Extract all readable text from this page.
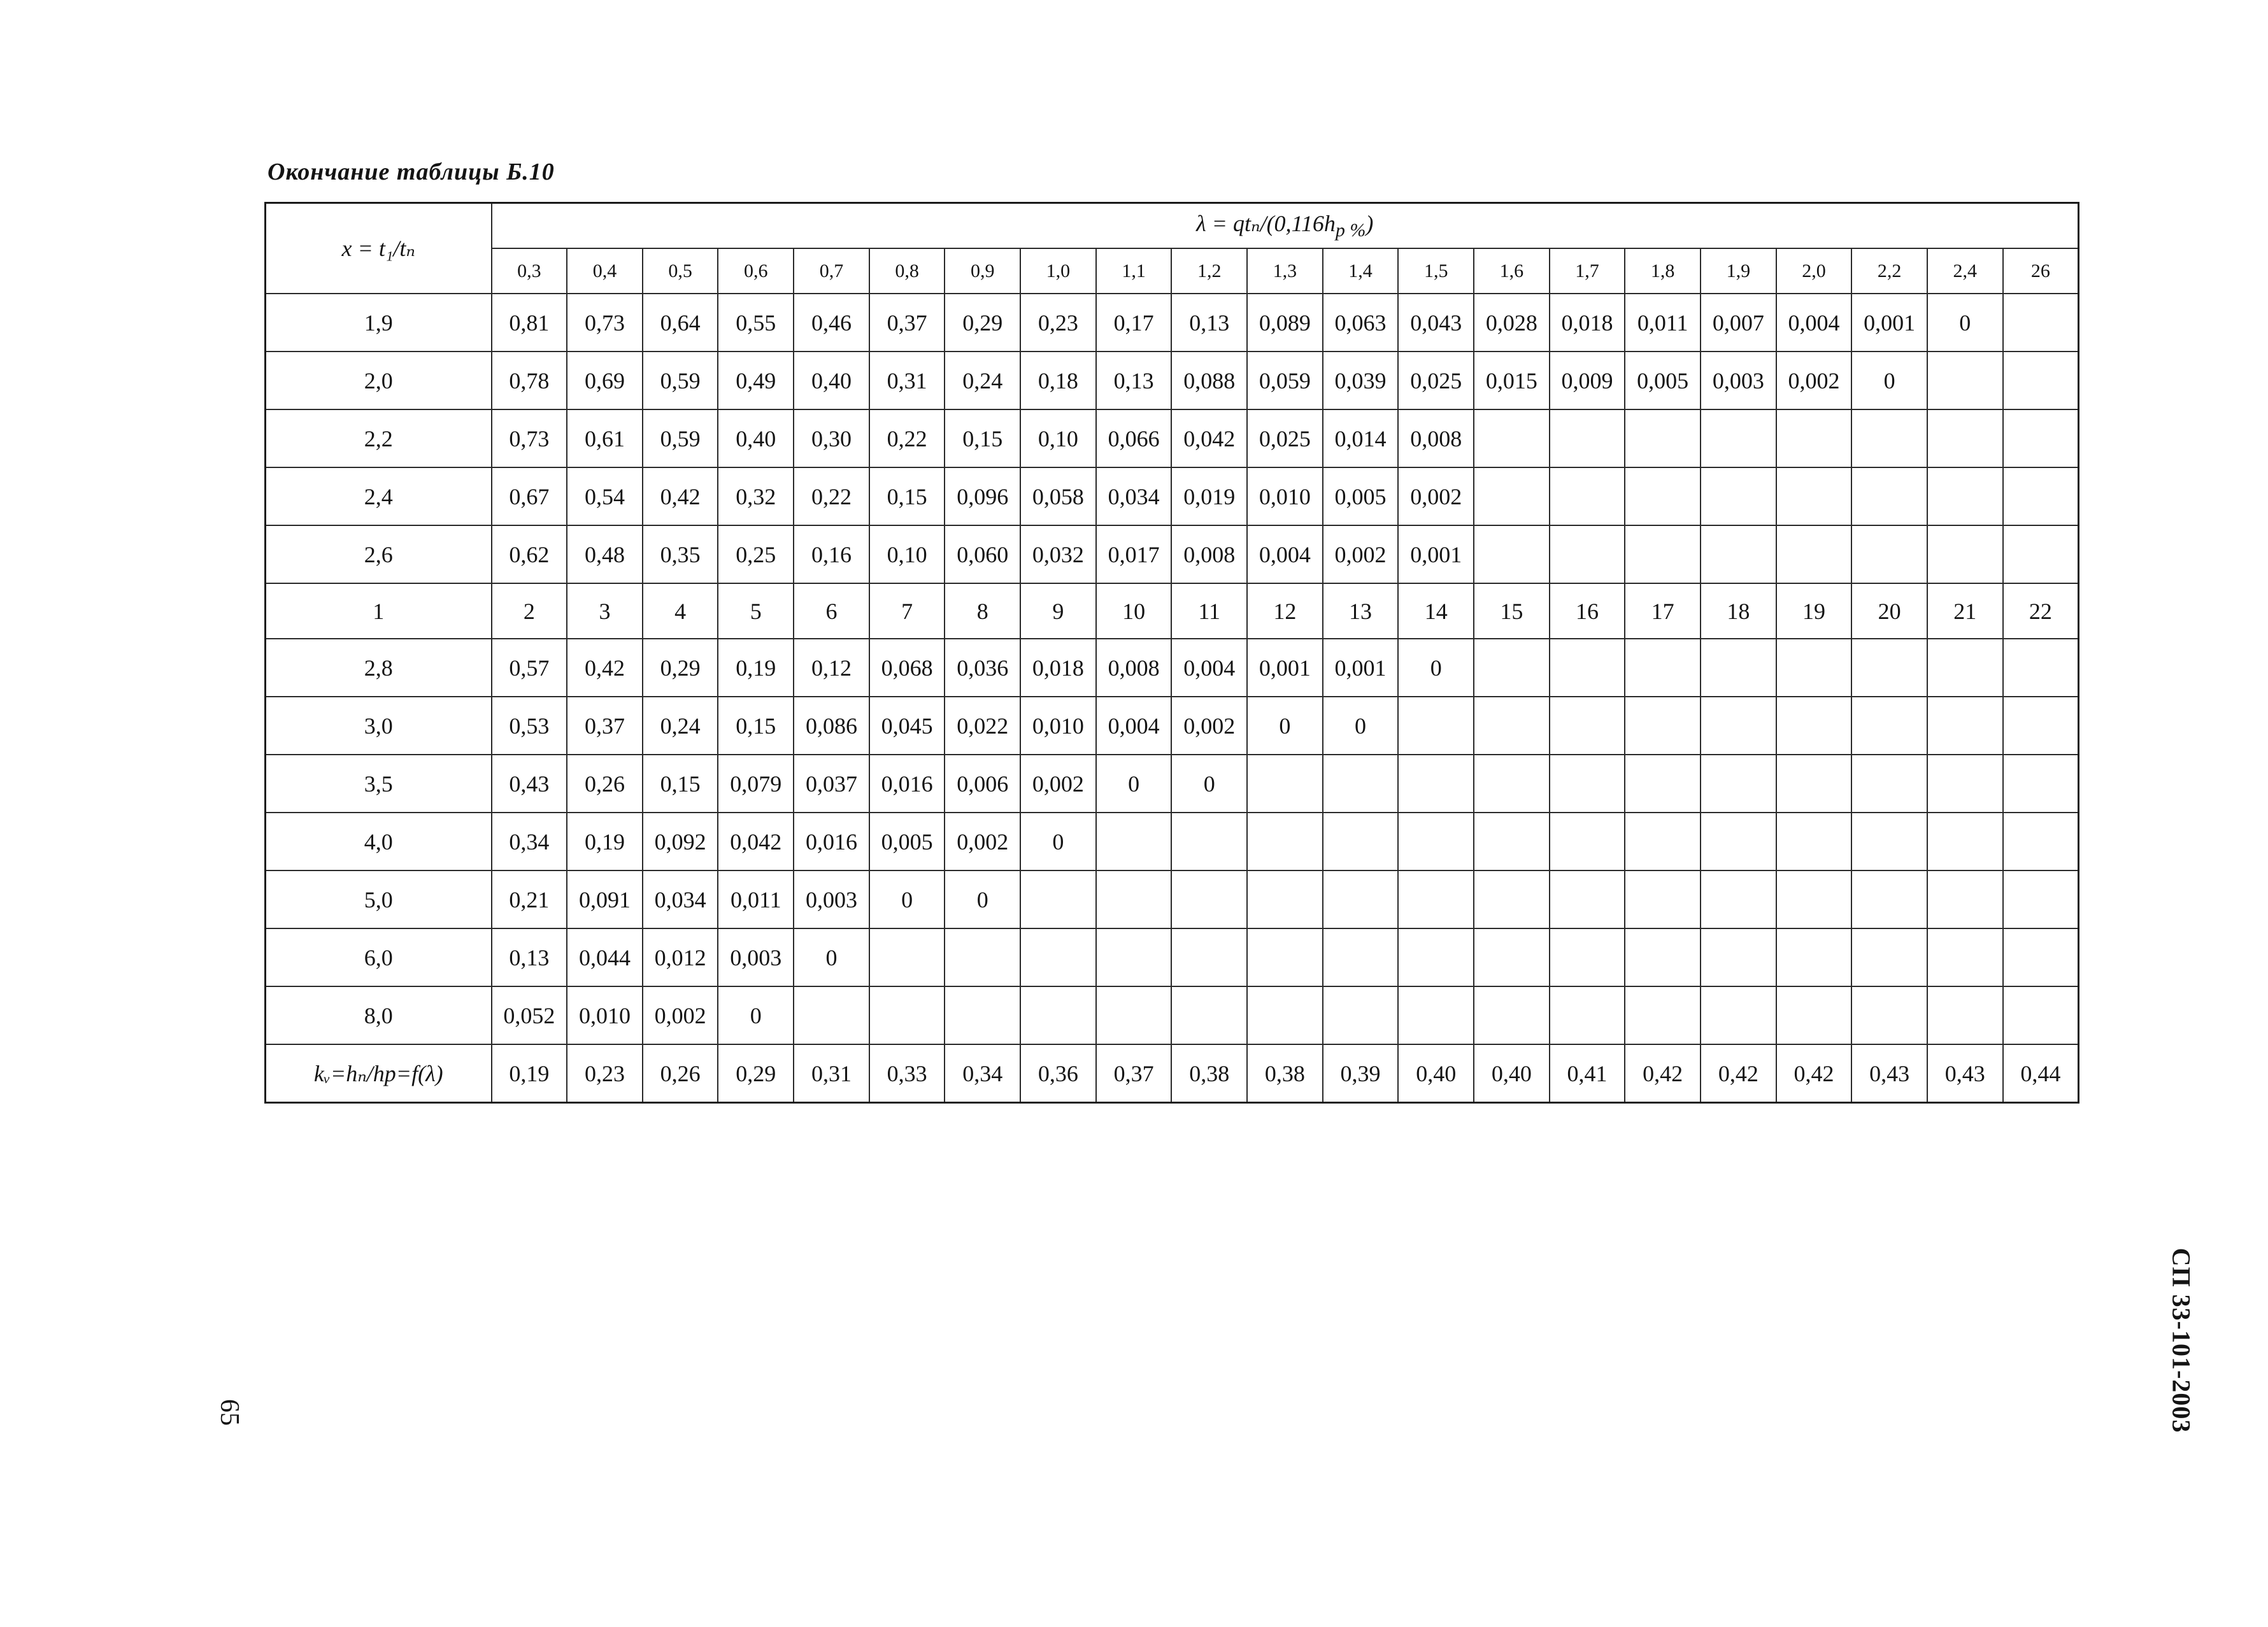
Окончание таблицы Б.10
x = t₁/tₙ	λ = qtₙ/$(0,116h_{р \%})$																				
	0,3	0,4	0,5	0,6	0,7	0,8	0,9	1,0	1,1	1,2	1,3	1,4	1,5	1,6	1,7	1,8	1,9	2,0	2,2	2,4	26
1,9	0,81	0,73	0,64	0,55	0,46	0,37	0,29	0,23	0,17	0,13	0,089	0,063	0,043	0,028	0,018	0,011	0,007	0,004	0,001	0	
2,0	0,78	0,69	0,59	0,49	0,40	0,31	0,24	0,18	0,13	0,088	0,059	0,039	0,025	0,015	0,009	0,005	0,003	0,002	0		
2,2	0,73	0,61	0,59	0,40	0,30	0,22	0,15	0,10	0,066	0,042	0,025	0,014	0,008								
2,4	0,67	0,54	0,42	0,32	0,22	0,15	0,096	0,058	0,034	0,019	0,010	0,005	0,002								
2,6	0,62	0,48	0,35	0,25	0,16	0,10	0,060	0,032	0,017	0,008	0,004	0,002	0,001								
1	2	3	4	5	6	7	8	9	10	11	12	13	14	15	16	17	18	19	20	21	22
2,8	0,57	0,42	0,29	0,19	0,12	0,068	0,036	0,018	0,008	0,004	0,001	0,001	0								
3,0	0,53	0,37	0,24	0,15	0,086	0,045	0,022	0,010	0,004	0,002	0	0									
3,5	0,43	0,26	0,15	0,079	0,037	0,016	0,006	0,002	0	0											
4,0	0,34	0,19	0,092	0,042	0,016	0,005	0,002	0													
5,0	0,21	0,091	0,034	0,011	0,003	0	0														
6,0	0,13	0,044	0,012	0,003	0																
8,0	0,052	0,010	0,002	0																	
kᵥ=hₙ/hр=f(λ)	0,19	0,23	0,26	0,29	0,31	0,33	0,34	0,36	0,37	0,38	0,38	0,39	0,40	0,40	0,41	0,42	0,42	0,42	0,43	0,43	0,44
СП 33-101-2003
65
